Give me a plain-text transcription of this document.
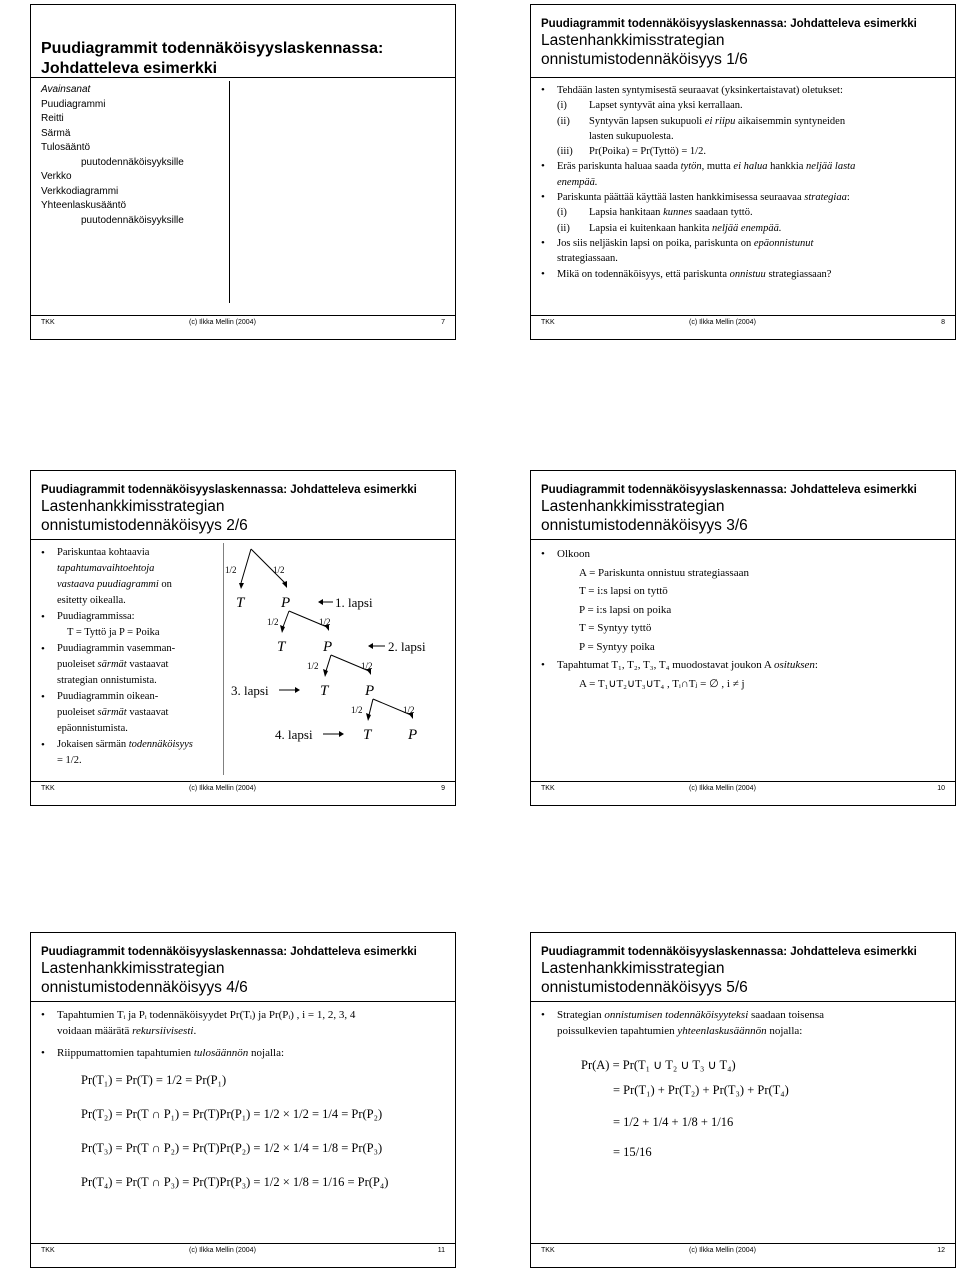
Puudiagrammit todennäköisyyslaskennassa:
Johdatteleva esimerkki
Avainsanat
Puudiagrammi
Reitti
Särmä
Tulosääntö
puutodennäköisyyksille
Verkko
Verkkodiagrammi
Yhteenlaskusääntö
puutodennäköisyyksille
TKK	(c) Ilkka Mellin (2004)	7
Puudiagrammit todennäköisyyslaskennassa: Johdatteleva esimerkki
Lastenhankkimisstrategian
onnistumistodennäköisyys 1/6
• Tehdään lasten syntymisestä seuraavat (yksinkertaistavat) oletukset:
(i) Lapset syntyvät aina yksi kerrallaan.
(ii) Syntyvän lapsen sukupuoli ei riipu aikaisemmin syntyneiden
lasten sukupuolesta.
(iii) Pr(Poika) = Pr(Tyttö) = 1/2.
• Eräs pariskunta haluaa saada tytön, mutta ei halua hankkia neljää lasta
enempää.
• Pariskunta päättää käyttää lasten hankkimisessa seuraavaa strategiaa:
(i) Lapsia hankitaan kunnes saadaan tyttö.
(ii) Lapsia ei kuitenkaan hankita neljää enempää.
• Jos siis neljäskin lapsi on poika, pariskunta on epäonnistunut
strategiassaan.
• Mikä on todennäköisyys, että pariskunta onnistuu strategiassaan?
TKK	(c) Ilkka Mellin (2004)	8
Puudiagrammit todennäköisyyslaskennassa: Johdatteleva esimerkki
Lastenhankkimisstrategian
onnistumistodennäköisyys 2/6
• Pariskuntaa kohtaavia
tapahtumavaihtoehtoja
vastaava puudiagrammi on
esitetty oikealla.
• Puudiagrammissa:
T = Tyttö ja P = Poika
• Puudiagrammin vasemman-
puoleiset särmät vastaavat
strategian onnistumista.
• Puudiagrammin oikean-
puoleiset särmät vastaavat
epäonnistumista.
• Jokaisen särmän todennäköisyys
= 1/2.
1/2	1/2
T P	1. lapsi
1/2	1/2
T	P	2. lapsi
1/2	1/2
3. lapsi	T P
1/2	1/2
4. lapsi	T P
TKK	(c) Ilkka Mellin (2004)	9
Puudiagrammit todennäköisyyslaskennassa: Johdatteleva esimerkki
Lastenhankkimisstrategian
onnistumistodennäköisyys 3/6
• Olkoon
A = Pariskunta onnistuu strategiassaan
T = i:s lapsi on tyttö
P = i:s lapsi on poika
T = Syntyy tyttö
P = Syntyy poika
• Tapahtumat T₁, T₂, T₃, T₄ muodostavat joukon A osituksen:
A = T₁∪T₂∪T₃∪T₄ , Tᵢ∩Tⱼ = ∅ , i ≠ j
TKK	(c) Ilkka Mellin (2004)	10
Puudiagrammit todennäköisyyslaskennassa: Johdatteleva esimerkki
Lastenhankkimisstrategian
onnistumistodennäköisyys 4/6
• Tapahtumien Tᵢ ja Pᵢ todennäköisyydet Pr(Tᵢ) ja Pr(Pᵢ) , i = 1, 2, 3, 4
voidaan määrätä rekursiivisesti.
• Riippumattomien tapahtumien tulosäännön nojalla:
Pr(T₁) = Pr(T) = 1/2 = Pr(P₁)
Pr(T₂) = Pr(T ∩ P₁) = Pr(T)Pr(P₁) = 1/2 × 1/2 = 1/4 = Pr(P₂)
Pr(T₃) = Pr(T ∩ P₂) = Pr(T)Pr(P₂) = 1/2 × 1/4 = 1/8 = Pr(P₃)
Pr(T₄) = Pr(T ∩ P₃) = Pr(T)Pr(P₃) = 1/2 × 1/8 = 1/16 = Pr(P₄)
TKK	(c) Ilkka Mellin (2004)	11
Puudiagrammit todennäköisyyslaskennassa: Johdatteleva esimerkki
Lastenhankkimisstrategian
onnistumistodennäköisyys 5/6
• Strategian onnistumisen todennäköisyyteksi saadaan toisensa
poissulkevien tapahtumien yhteenlaskusäännön nojalla:
Pr(A) = Pr(T₁ ∪ T₂ ∪ T₃ ∪ T₄)
= Pr(T₁) + Pr(T₂) + Pr(T₃) + Pr(T₄)
= 1/2 + 1/4 + 1/8 + 1/16
= 15/16
TKK	(c) Ilkka Mellin (2004)	12
